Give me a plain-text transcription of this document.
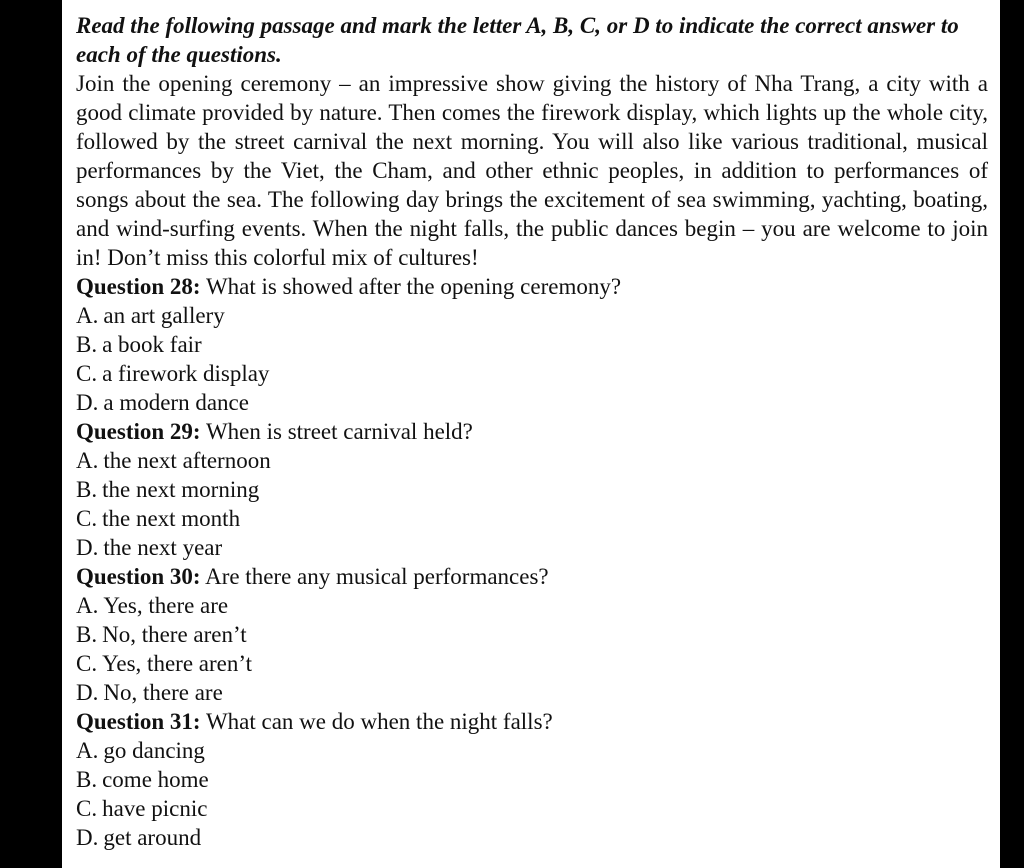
Read the following passage and mark the letter A, B, C, or D to indicate the correct answer to each of the questions.

Join the opening ceremony – an impressive show giving the history of Nha Trang, a city with a good climate provided by nature. Then comes the firework display, which lights up the whole city, followed by the street carnival the next morning. You will also like various traditional, musical performances by the Viet, the Cham, and other ethnic peoples, in addition to performances of songs about the sea. The following day brings the excitement of sea swimming, yachting, boating, and wind-surfing events. When the night falls, the public dances begin – you are welcome to join in! Don’t miss this colorful mix of cultures!

Question 28: What is showed after the opening ceremony?

A. an art gallery

B. a book fair

C. a firework display

D. a modern dance

Question 29: When is street carnival held?

A. the next afternoon

B. the next morning

C. the next month

D. the next year

Question 30: Are there any musical performances?

A. Yes, there are

B. No, there aren’t

C. Yes, there aren’t

D. No, there are

Question 31: What can we do when the night falls?

A. go dancing

B. come home

C. have picnic

D. get around
